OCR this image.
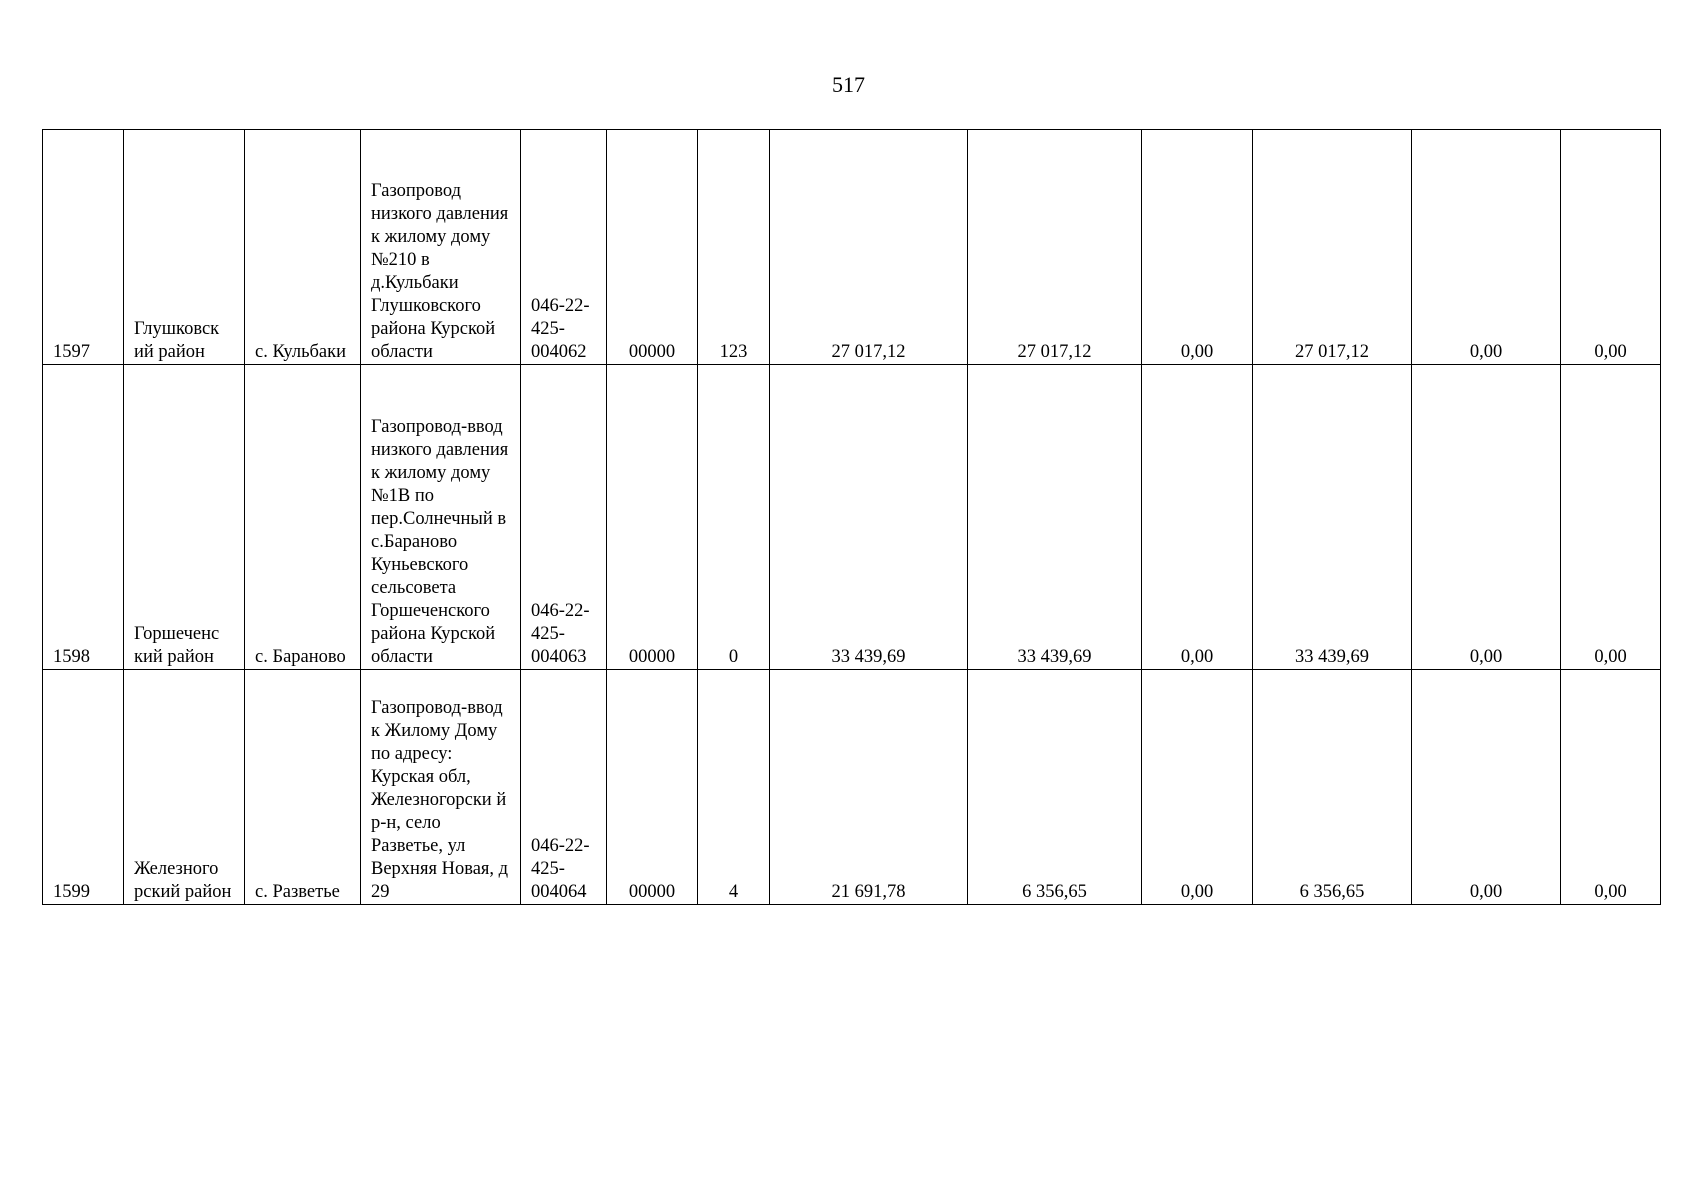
517
1597	Глушковск ий район	с. Кульбаки	Газопровод низкого давления к жилому дому №210 в д.Кульбаки Глушковского района Курской области	046-22-425-004062	00000	123	27 017,12	27 017,12	0,00	27 017,12	0,00	0,00
1598	Горшеченс кий район	с. Бараново	Газопровод-ввод низкого давления к жилому дому №1В по пер.Солнечный в с.Бараново Куньевского сельсовета Горшеченского района Курской области	046-22-425-004063	00000	0	33 439,69	33 439,69	0,00	33 439,69	0,00	0,00
1599	Железного рский район	с. Разветье	Газопровод-ввод к Жилому Дому по адресу: Курская обл, Железногорски й р-н, село Разветье, ул Верхняя Новая, д 29	046-22-425-004064	00000	4	21 691,78	6 356,65	0,00	6 356,65	0,00	0,00
